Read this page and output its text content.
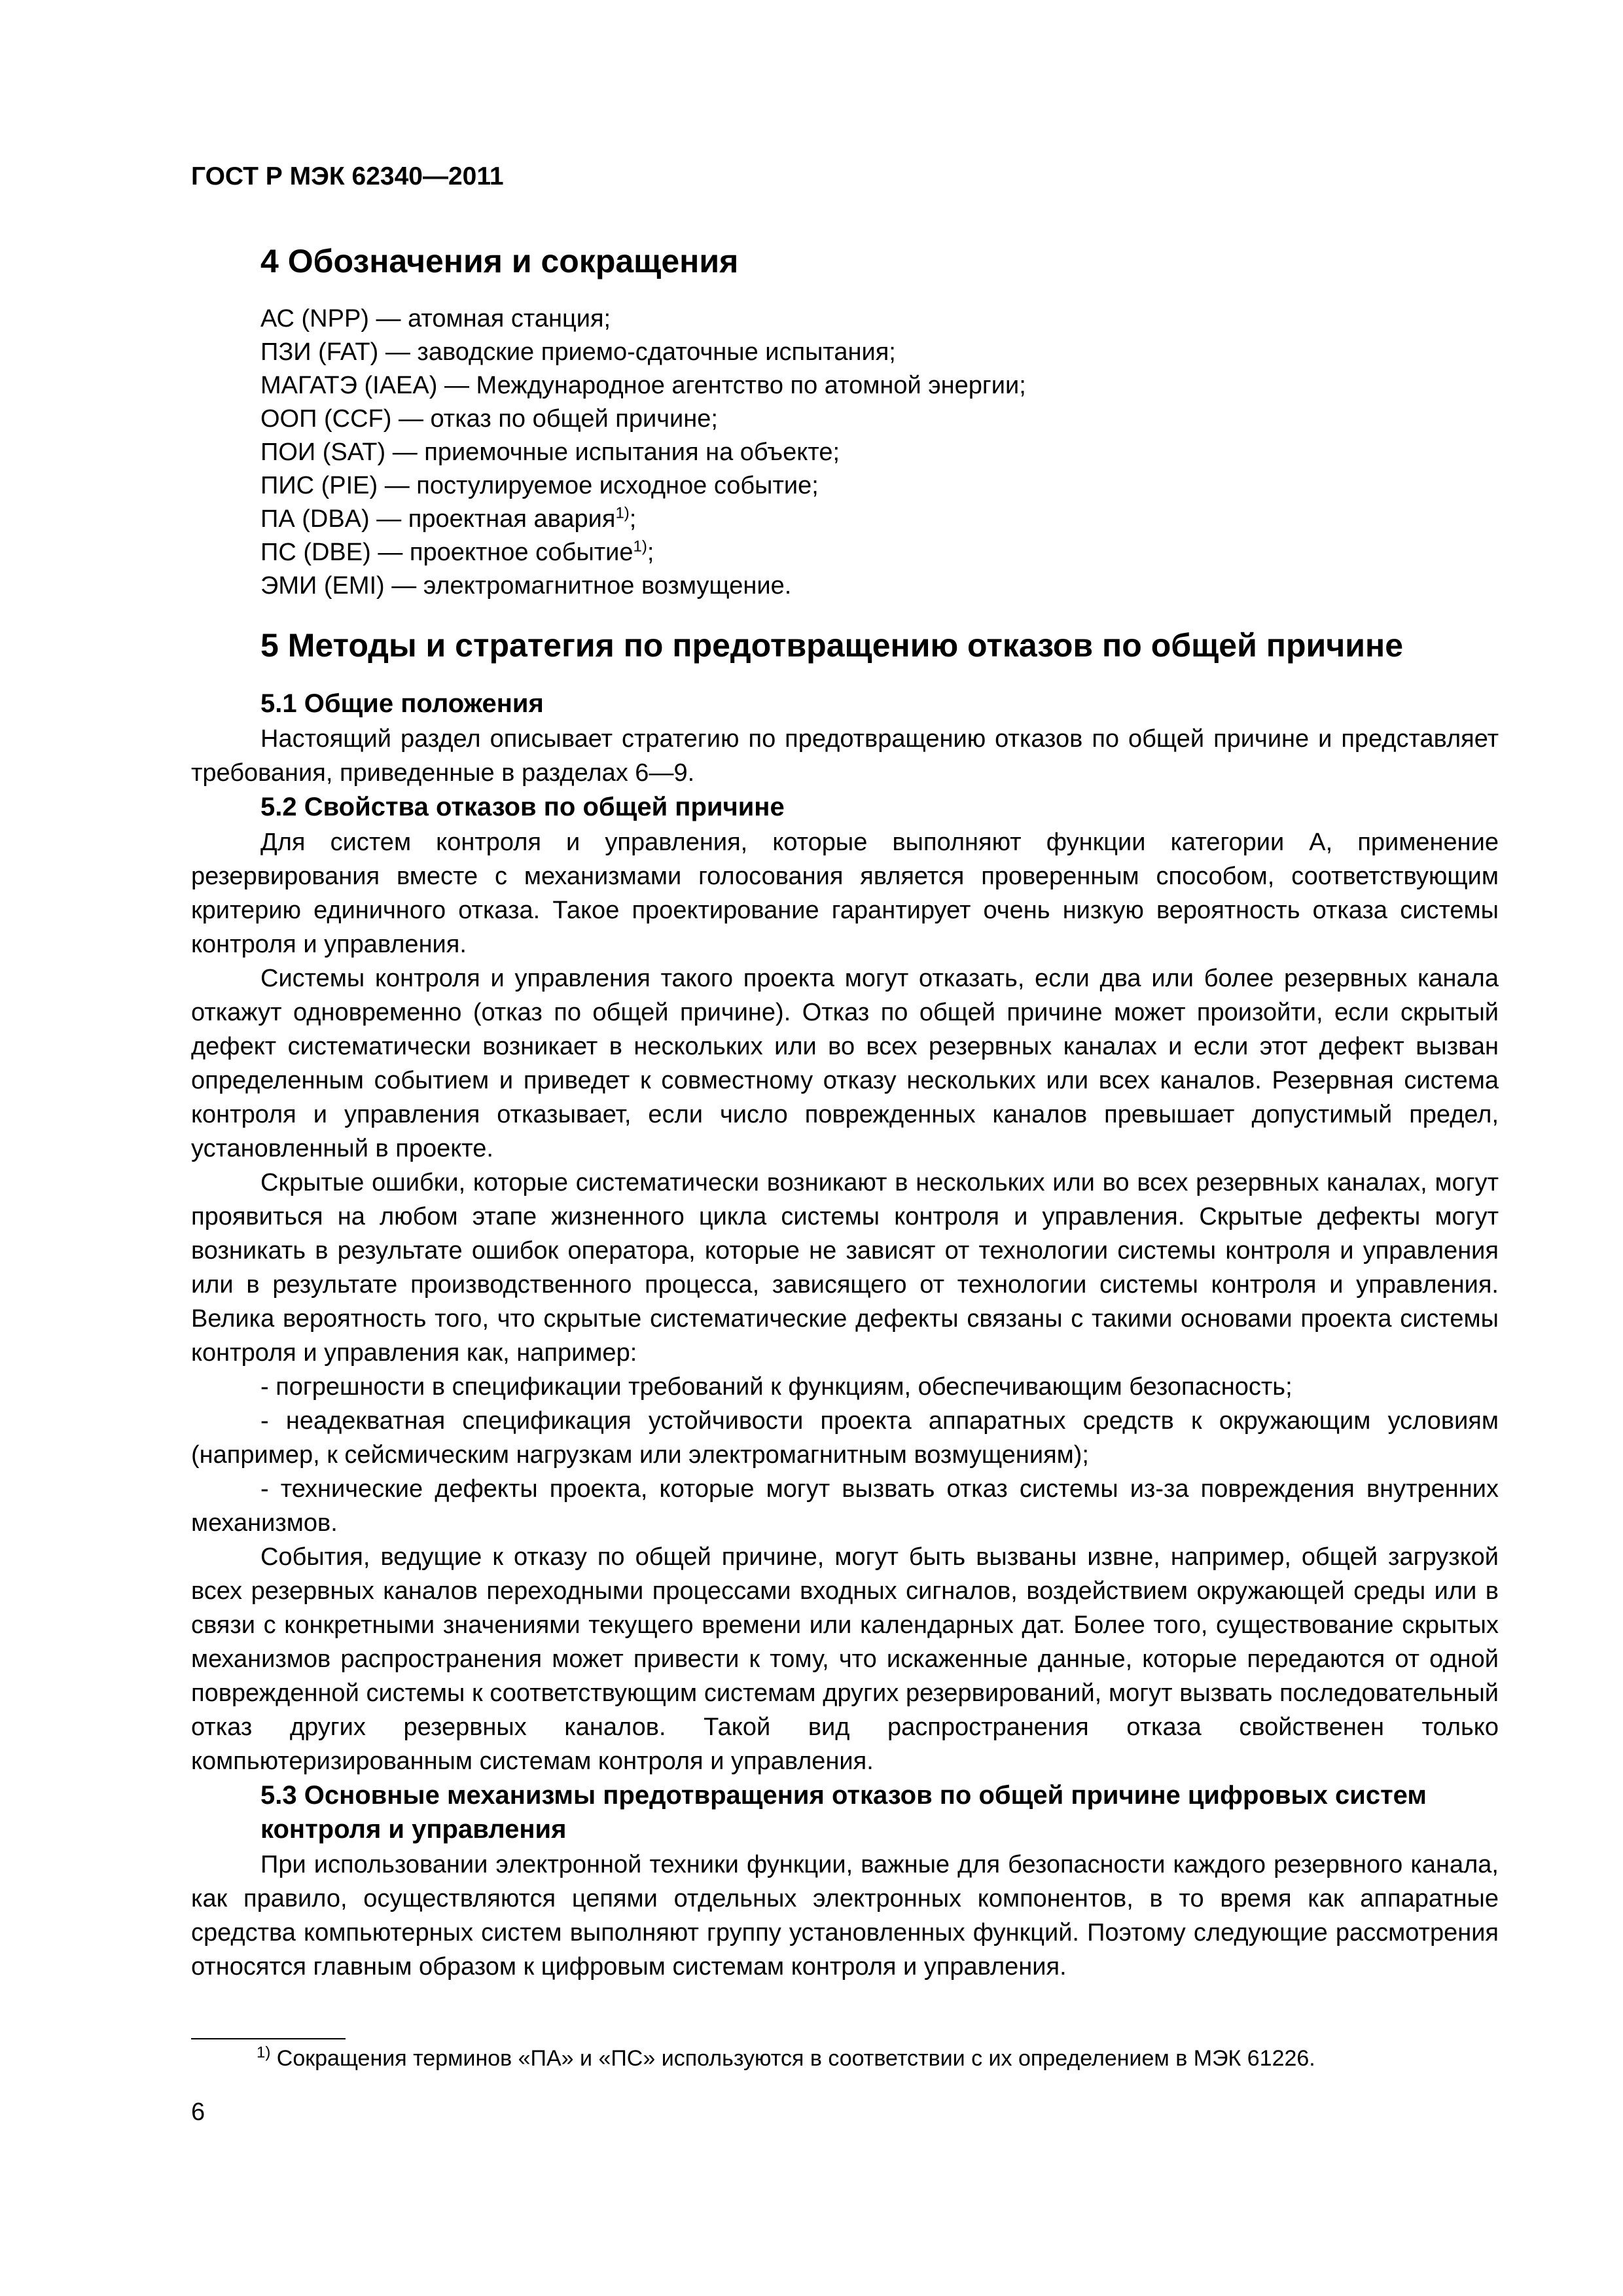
ГОСТ Р МЭК 62340—2011
4 Обозначения и сокращения
АС (NPP) — атомная станция;
ПЗИ (FAT) — заводские приемо-сдаточные испытания;
МАГАТЭ (IAEA) — Международное агентство по атомной энергии;
ООП (CCF) — отказ по общей причине;
ПОИ (SAT) — приемочные испытания на объекте;
ПИС (PIE) — постулируемое исходное событие;
ПА (DBA) — проектная авария$^{1)}$;
ПС (DBE) — проектное событие$^{1)}$;
ЭМИ (EMI) — электромагнитное возмущение.
5 Методы и стратегия по предотвращению отказов по общей причине
5.1 Общие положения

Настоящий раздел описывает стратегию по предотвращению отказов по общей причине и представляет требования, приведенные в разделах 6—9.

5.2 Свойства отказов по общей причине

Для систем контроля и управления, которые выполняют функции категории А, применение резервирования вместе с механизмами голосования является проверенным способом, соответствующим критерию единичного отказа. Такое проектирование гарантирует очень низкую вероятность отказа системы контроля и управления.

Системы контроля и управления такого проекта могут отказать, если два или более резервных канала откажут одновременно (отказ по общей причине). Отказ по общей причине может произойти, если скрытый дефект систематически возникает в нескольких или во всех резервных каналах и если этот дефект вызван определенным событием и приведет к совместному отказу нескольких или всех каналов. Резервная система контроля и управления отказывает, если число поврежденных каналов превышает допустимый предел, установленный в проекте.

Скрытые ошибки, которые систематически возникают в нескольких или во всех резервных каналах, могут проявиться на любом этапе жизненного цикла системы контроля и управления. Скрытые дефекты могут возникать в результате ошибок оператора, которые не зависят от технологии системы контроля и управления или в результате производственного процесса, зависящего от технологии системы контроля и управления. Велика вероятность того, что скрытые систематические дефекты связаны с такими основами проекта системы контроля и управления как, например:

- погрешности в спецификации требований к функциям, обеспечивающим безопасность;

- неадекватная спецификация устойчивости проекта аппаратных средств к окружающим условиям (например, к сейсмическим нагрузкам или электромагнитным возмущениям);

- технические дефекты проекта, которые могут вызвать отказ системы из-за повреждения внутренних механизмов.

События, ведущие к отказу по общей причине, могут быть вызваны извне, например, общей загрузкой всех резервных каналов переходными процессами входных сигналов, воздействием окружающей среды или в связи с конкретными значениями текущего времени или календарных дат. Более того, существование скрытых механизмов распространения может привести к тому, что искаженные данные, которые передаются от одной поврежденной системы к соответствующим системам других резервирований, могут вызвать последовательный отказ других резервных каналов. Такой вид распространения отказа свойственен только компьютеризированным системам контроля и управления.

5.3 Основные механизмы предотвращения отказов по общей причине цифровых систем контроля и управления

При использовании электронной техники функции, важные для безопасности каждого резервного канала, как правило, осуществляются цепями отдельных электронных компонентов, в то время как аппаратные средства компьютерных систем выполняют группу установленных функций. Поэтому следующие рассмотрения относятся главным образом к цифровым системам контроля и управления.

$^{1)}$ Сокращения терминов «ПА» и «ПС» используются в соответствии с их определением в МЭК 61226.
6
